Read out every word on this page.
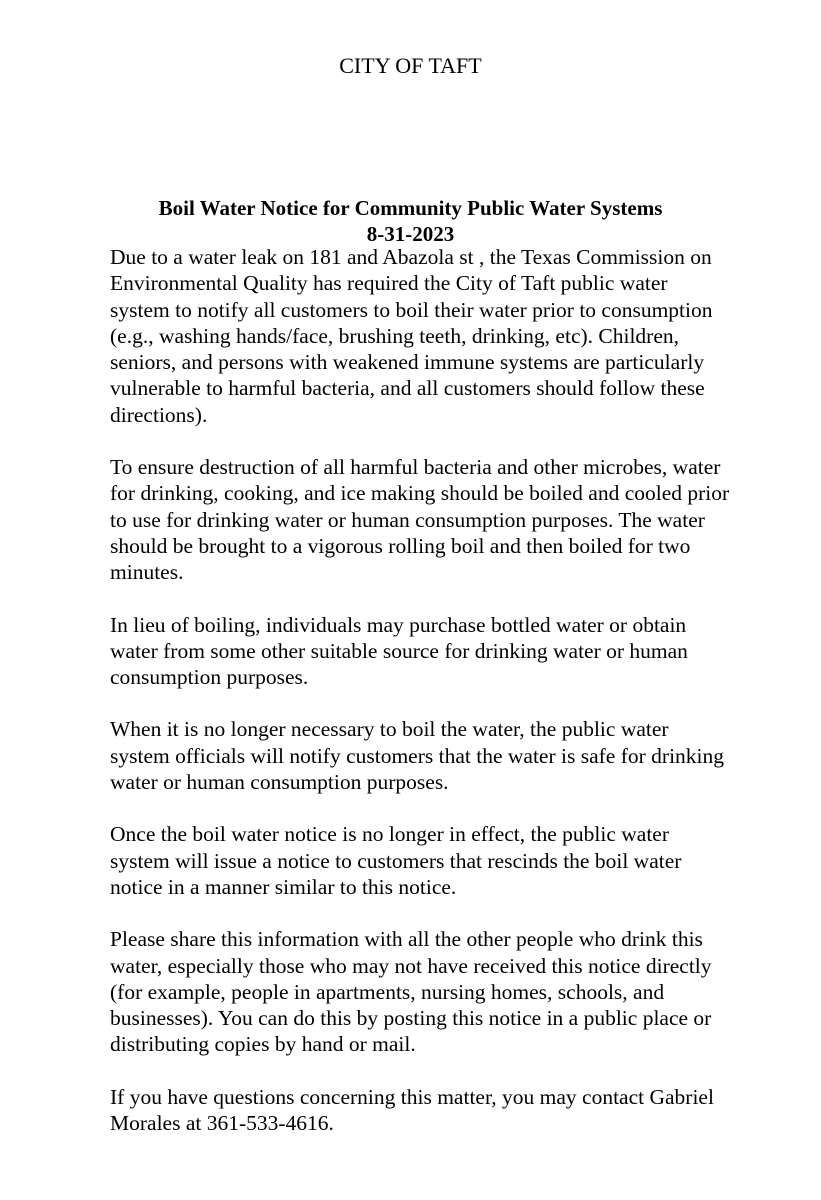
CITY OF TAFT
Boil Water Notice for Community Public Water Systems
8-31-2023

Due to a water leak on 181 and Abazola st , the Texas Commission on Environmental Quality has required the City of Taft public water system to notify all customers to boil their water prior to consumption (e.g., washing hands/face, brushing teeth, drinking, etc). Children, seniors, and persons with weakened immune systems are particularly vulnerable to harmful bacteria, and all customers should follow these directions).

To ensure destruction of all harmful bacteria and other microbes, water for drinking, cooking, and ice making should be boiled and cooled prior to use for drinking water or human consumption purposes. The water should be brought to a vigorous rolling boil and then boiled for two minutes.

In lieu of boiling, individuals may purchase bottled water or obtain water from some other suitable source for drinking water or human consumption purposes.

When it is no longer necessary to boil the water, the public water system officials will notify customers that the water is safe for drinking water or human consumption purposes.

Once the boil water notice is no longer in effect, the public water system will issue a notice to customers that rescinds the boil water notice in a manner similar to this notice.

Please share this information with all the other people who drink this water, especially those who may not have received this notice directly (for example, people in apartments, nursing homes, schools, and businesses). You can do this by posting this notice in a public place or distributing copies by hand or mail.

If you have questions concerning this matter, you may contact Gabriel Morales at 361-533-4616.
